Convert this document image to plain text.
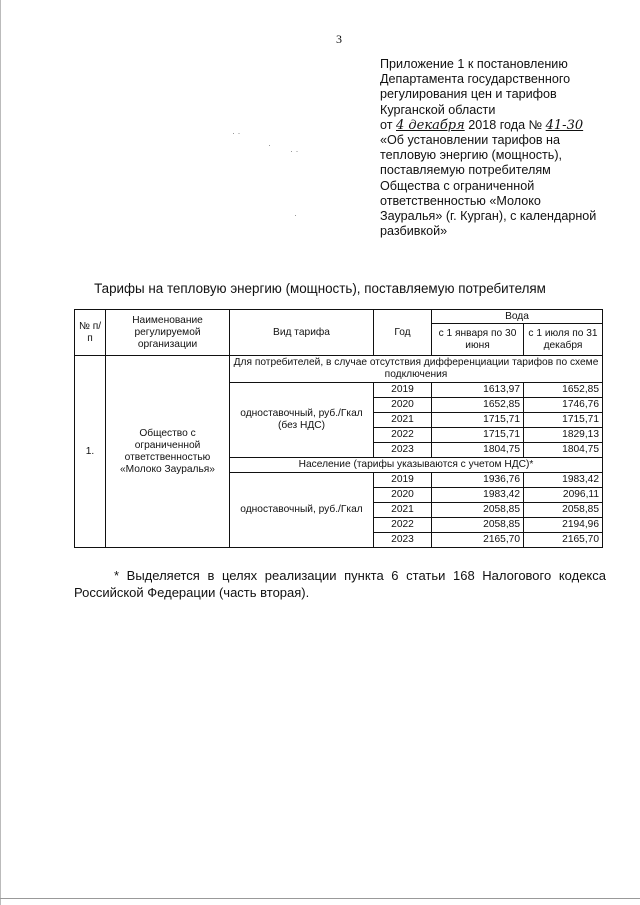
3
Приложение 1 к постановлению
Департамента государственного
регулирования цен и тарифов
Курганской области
от 4 декабря 2018 года № 41-30
«Об установлении тарифов на
тепловую энергию (мощность),
поставляемую потребителям
Общества с ограниченной
ответственностью «Молоко
Зауралья» (г. Курган), с календарной
разбивкой»
· ·
·
· ·
·
Тарифы на тепловую энергию (мощность), поставляемую потребителям
№ п/п	Наименование регулируемой организации	Вид тарифа	Год	Вода	
				с 1 января по 30 июня	с 1 июля по 31 декабря
1.	Общество с ограниченной ответственностью «Молоко Зауралья»	Для потребителей, в случае отсутствия дифференциации тарифов по схеме подключения			
		одноставочный, руб./Гкал (без НДС)	2019	1613,97	1652,85
			2020	1652,85	1746,76
			2021	1715,71	1715,71
			2022	1715,71	1829,13
			2023	1804,75	1804,75
		Население (тарифы указываются с учетом НДС)*			
		одноставочный, руб./Гкал	2019	1936,76	1983,42
			2020	1983,42	2096,11
			2021	2058,85	2058,85
			2022	2058,85	2194,96
			2023	2165,70	2165,70
* Выделяется в целях реализации пункта 6 статьи 168 Налогового кодекса Российской Федерации (часть вторая).
